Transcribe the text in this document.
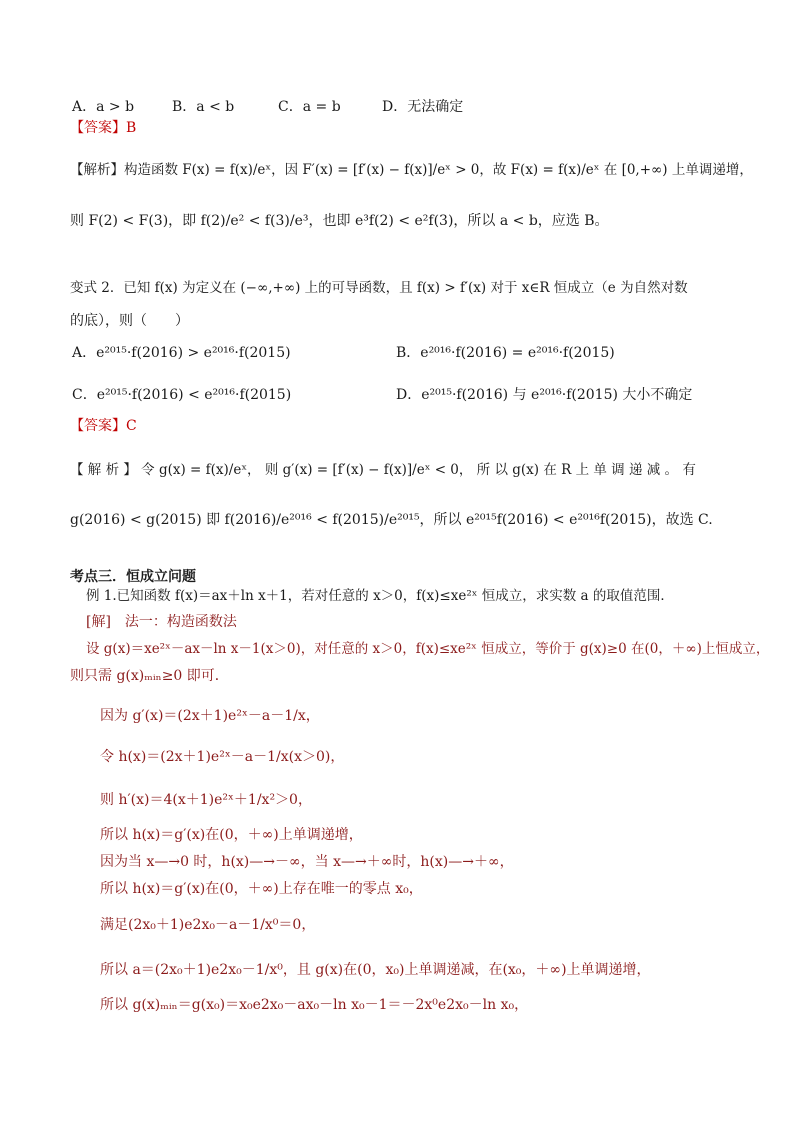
A．a > b	B．a < b	C．a = b	D．无法确定
【答案】B
【解析】构造函数 F(x) = f(x)/eˣ，因 F′(x) = [f′(x) − f(x)]/eˣ > 0，故 F(x) = f(x)/eˣ 在 [0,+∞) 上单调递增，
则 F(2) < F(3)，即 f(2)/e² < f(3)/e³，也即 e³f(2) < e²f(3)，所以 a < b，应选 B。
变式 2．已知 f(x) 为定义在 (−∞,+∞) 上的可导函数，且 f(x) > f′(x) 对于 x∈R 恒成立（e 为自然对数
的底），则（　　）
A．e²⁰¹⁵·f(2016) > e²⁰¹⁶·f(2015)	B．e²⁰¹⁶·f(2016) = e²⁰¹⁶·f(2015)
C．e²⁰¹⁵·f(2016) < e²⁰¹⁶·f(2015)	D．e²⁰¹⁵·f(2016) 与 e²⁰¹⁶·f(2015) 大小不确定
【答案】C
【 解 析 】 令 g(x) = f(x)/eˣ， 则 g′(x) = [f′(x) − f(x)]/eˣ < 0， 所 以 g(x) 在 R 上 单 调 递 减 。 有
g(2016) < g(2015) 即 f(2016)/e²⁰¹⁶ < f(2015)/e²⁰¹⁵，所以 e²⁰¹⁵f(2016) < e²⁰¹⁶f(2015)，故选 C.
考点三．恒成立问题
例 1.已知函数 f(x)＝ax＋ln x＋1，若对任意的 x＞0，f(x)≤xe²ˣ 恒成立，求实数 a 的取值范围．
[解]　法一：构造函数法
设 g(x)＝xe²ˣ－ax－ln x－1(x＞0)，对任意的 x＞0，f(x)≤xe²ˣ 恒成立，等价于 g(x)≥0 在(0，＋∞)上恒成立，
则只需 g(x)ₘᵢₙ≥0 即可．
因为 g′(x)＝(2x＋1)e²ˣ－a－1/x，
令 h(x)＝(2x＋1)e²ˣ－a－1/x(x＞0)，
则 h′(x)＝4(x＋1)e²ˣ＋1/x²＞0，
所以 h(x)＝g′(x)在(0，＋∞)上单调递增，
因为当 x—→0 时，h(x)—→－∞，当 x—→＋∞时，h(x)—→＋∞，
所以 h(x)＝g′(x)在(0，＋∞)上存在唯一的零点 x₀，
满足(2x₀＋1)e2x₀－a－1/x⁰＝0，
所以 a＝(2x₀＋1)e2x₀－1/x⁰，且 g(x)在(0，x₀)上单调递减，在(x₀，＋∞)上单调递增，
所以 g(x)ₘᵢₙ＝g(x₀)＝x₀e2x₀－ax₀－ln x₀－1＝－2x⁰e2x₀－ln x₀，
